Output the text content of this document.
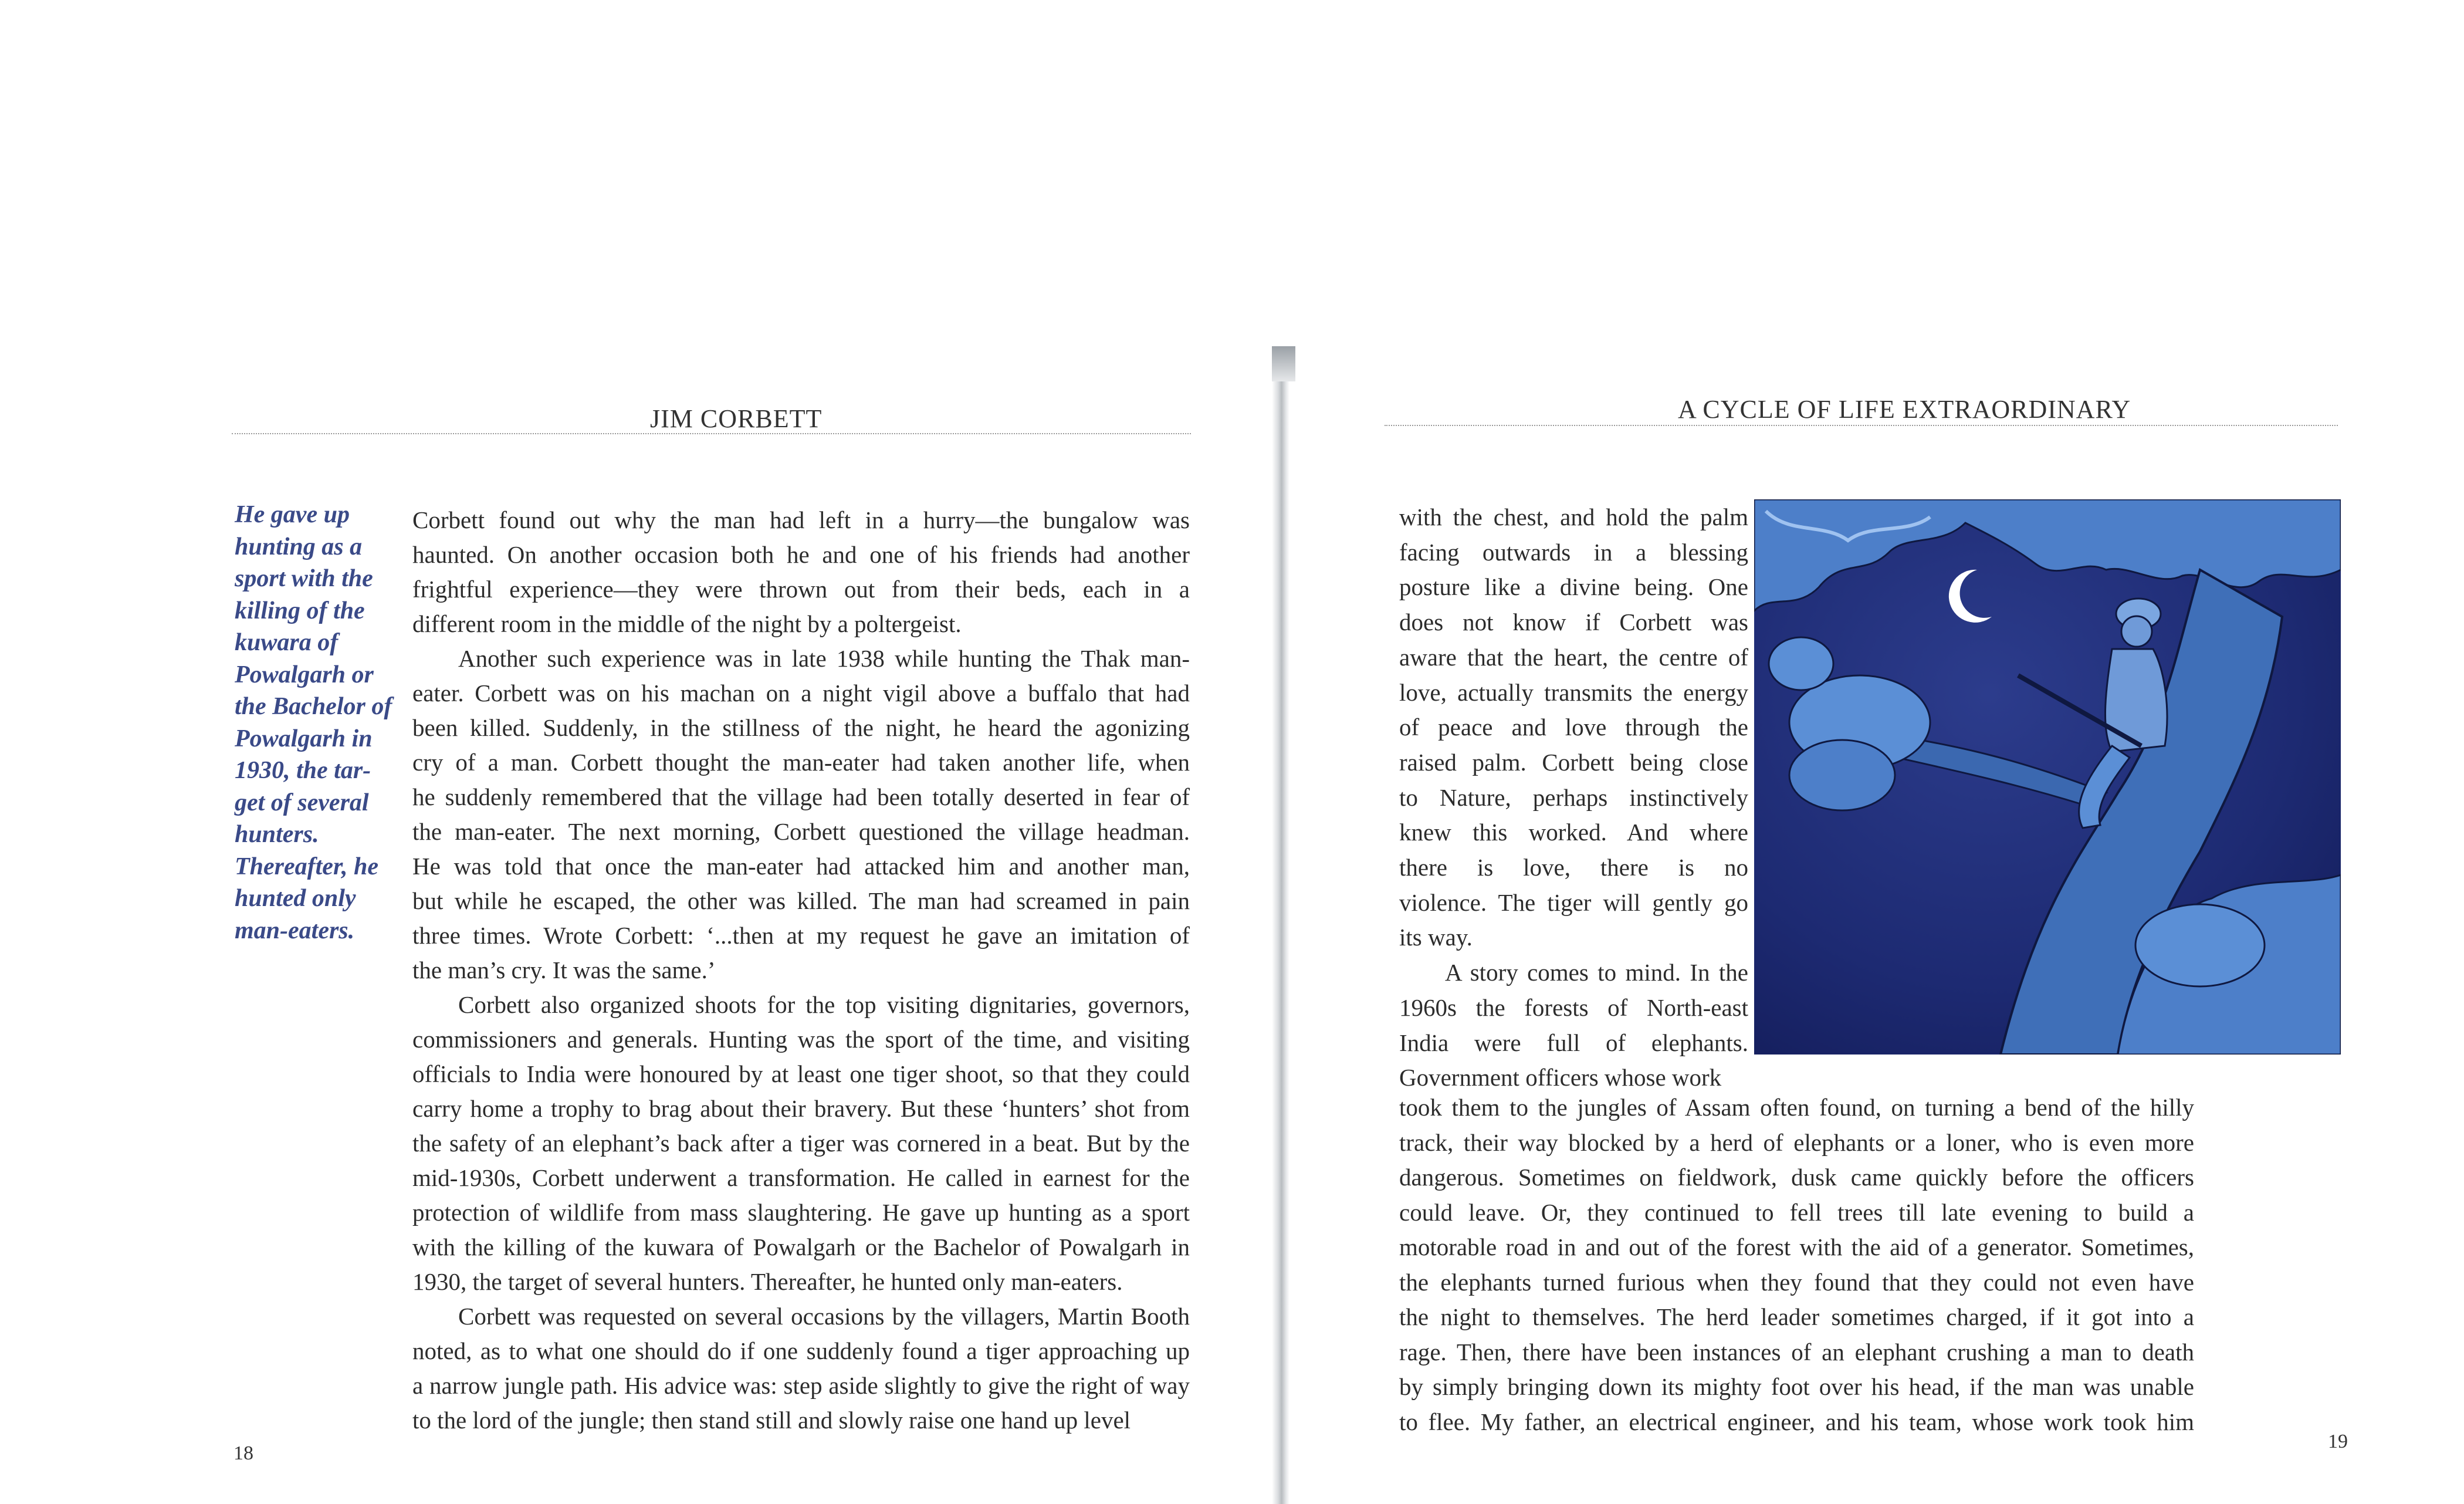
JIM CORBETT
He gave up
hunting as a
sport with the
killing of the
kuwara of
Powalgarh or
the Bachelor of
Powalgarh in
1930, the tar-
get of several
hunters.
Thereafter, he
hunted only
man-eaters.
Corbett found out why the man had left in a hurry—the bungalow was
haunted. On another occasion both he and one of his friends had another
frightful experience—they were thrown out from their beds, each in a
different room in the middle of the night by a poltergeist.
Another such experience was in late 1938 while hunting the Thak man-
eater. Corbett was on his machan on a night vigil above a buffalo that had
been killed. Suddenly, in the stillness of the night, he heard the agonizing
cry of a man. Corbett thought the man-eater had taken another life, when
he suddenly remembered that the village had been totally deserted in fear of
the man-eater. The next morning, Corbett questioned the village headman.
He was told that once the man-eater had attacked him and another man,
but while he escaped, the other was killed. The man had screamed in pain
three times. Wrote Corbett: ‘...then at my request he gave an imitation of
the man’s cry. It was the same.’
Corbett also organized shoots for the top visiting dignitaries, governors,
commissioners and generals. Hunting was the sport of the time, and visiting
officials to India were honoured by at least one tiger shoot, so that they could
carry home a trophy to brag about their bravery. But these ‘hunters’ shot from
the safety of an elephant’s back after a tiger was cornered in a beat. But by the
mid-1930s, Corbett underwent a transformation. He called in earnest for the
protection of wildlife from mass slaughtering. He gave up hunting as a sport
with the killing of the kuwara of Powalgarh or the Bachelor of Powalgarh in
1930, the target of several hunters. Thereafter, he hunted only man-eaters.
Corbett was requested on several occasions by the villagers, Martin Booth
noted, as to what one should do if one suddenly found a tiger approaching up
a narrow jungle path. His advice was: step aside slightly to give the right of way
to the lord of the jungle; then stand still and slowly raise one hand up level
18
A CYCLE OF LIFE EXTRAORDINARY
with the chest, and hold the palm
facing outwards in a blessing
posture like a divine being. One
does not know if Corbett was
aware that the heart, the centre of
love, actually transmits the energy
of peace and love through the
raised palm. Corbett being close
to Nature, perhaps instinctively
knew this worked. And where
there is love, there is no
violence. The tiger will gently go
its way.
A story comes to mind. In the
1960s the forests of North-east
India were full of elephants.
Government officers whose work
took them to the jungles of Assam often found, on turning a bend of the hilly
track, their way blocked by a herd of elephants or a loner, who is even more
dangerous. Sometimes on fieldwork, dusk came quickly before the officers
could leave. Or, they continued to fell trees till late evening to build a
motorable road in and out of the forest with the aid of a generator. Sometimes,
the elephants turned furious when they found that they could not even have
the night to themselves. The herd leader sometimes charged, if it got into a
rage. Then, there have been instances of an elephant crushing a man to death
by simply bringing down its mighty foot over his head, if the man was unable
to flee. My father, an electrical engineer, and his team, whose work took him
19
